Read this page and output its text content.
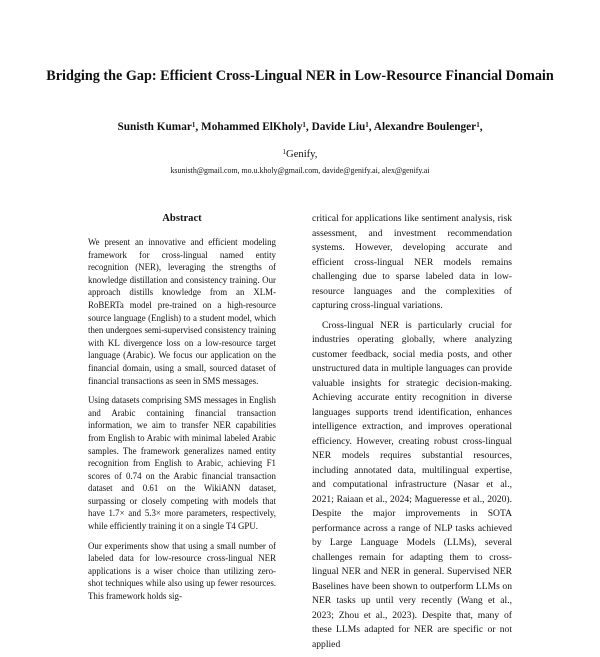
Bridging the Gap: Efficient Cross-Lingual NER in Low-Resource Financial Domain
Sunisth Kumar$^1$, Mohammed ElKholy$^1$, Davide Liu$^1$, Alexandre Boulenger$^1$,
$^1$Genify,
ksunisth@gmail.com, mo.u.kholy@gmail.com, davide@genify.ai, alex@genify.ai
Abstract

We present an innovative and efficient modeling framework for cross-lingual named entity recognition (NER), leveraging the strengths of knowledge distillation and consistency training. Our approach distills knowledge from an XLM-RoBERTa model pre-trained on a high-resource source language (English) to a student model, which then undergoes semi-supervised consistency training with KL divergence loss on a low-resource target language (Arabic). We focus our application on the financial domain, using a small, sourced dataset of financial transactions as seen in SMS messages.

Using datasets comprising SMS messages in English and Arabic containing financial transaction information, we aim to transfer NER capabilities from English to Arabic with minimal labeled Arabic samples. The framework generalizes named entity recognition from English to Arabic, achieving F1 scores of 0.74 on the Arabic financial transaction dataset and 0.61 on the WikiANN dataset, surpassing or closely competing with models that have 1.7× and 5.3× more parameters, respectively, while efficiently training it on a single T4 GPU.

Our experiments show that using a small number of labeled data for low-resource cross-lingual NER applications is a wiser choice than utilizing zero-shot techniques while also using up fewer resources. This framework holds sig-

critical for applications like sentiment analysis, risk assessment, and investment recommendation systems. However, developing accurate and efficient cross-lingual NER models remains challenging due to sparse labeled data in low-resource languages and the complexities of capturing cross-lingual variations.

Cross-lingual NER is particularly crucial for industries operating globally, where analyzing customer feedback, social media posts, and other unstructured data in multiple languages can provide valuable insights for strategic decision-making. Achieving accurate entity recognition in diverse languages supports trend identification, enhances intelligence extraction, and improves operational efficiency. However, creating robust cross-lingual NER models requires substantial resources, including annotated data, multilingual expertise, and computational infrastructure (Nasar et al., 2021; Raiaan et al., 2024; Magueresse et al., 2020). Despite the major improvements in SOTA performance across a range of NLP tasks achieved by Large Language Models (LLMs), several challenges remain for adapting them to cross-lingual NER and NER in general. Supervised NER Baselines have been shown to outperform LLMs on NER tasks up until very recently (Wang et al., 2023; Zhou et al., 2023). Despite that, many of these LLMs adapted for NER are specific or not applied
